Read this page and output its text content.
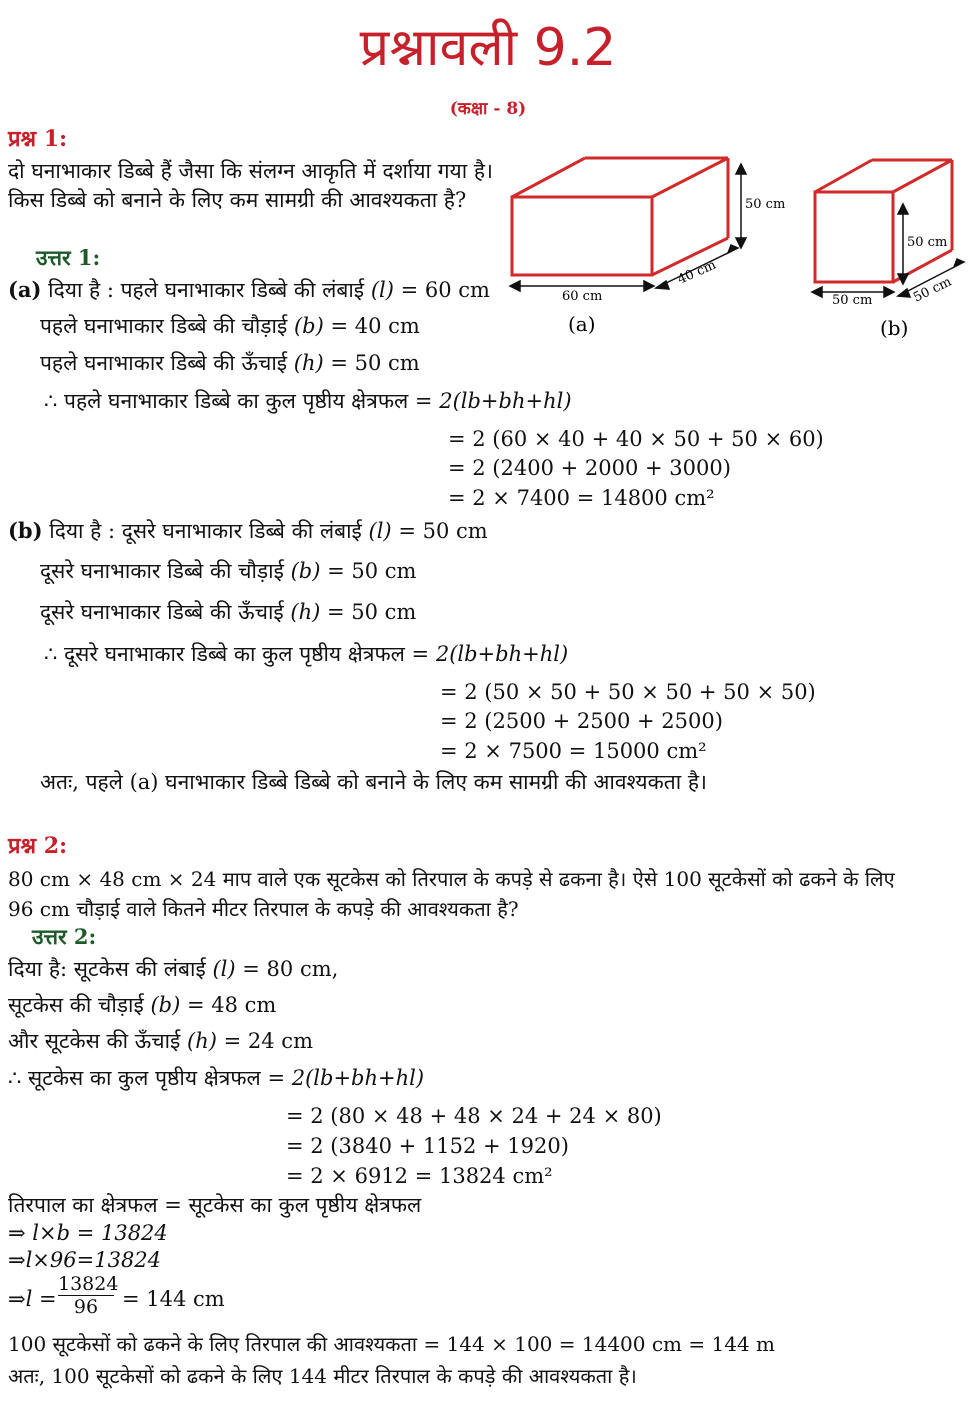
प्रश्नावली 9.2
(कक्षा - 8)
प्रश्न 1:
दो घनाभाकार डिब्बे हैं जैसा कि संलग्न आकृति में दर्शाया गया है। किस डिब्बे को बनाने के लिए कम सामग्री की आवश्यकता है?	50 cm
60 cm
40 cm
(a)
50 cm
50 cm	50 cm
(b)
उत्तर 1:
(a) दिया है : पहले घनाभाकार डिब्बे की लंबाई (l) = 60 cm
पहले घनाभाकार डिब्बे की चौड़ाई (b) = 40 cm
पहले घनाभाकार डिब्बे की ऊँचाई (h) = 50 cm
∴ पहले घनाभाकार डिब्बे का कुल पृष्ठीय क्षेत्रफल = 2(lb+bh+hl)
= 2 (60 × 40 + 40 × 50 + 50 × 60)
= 2 (2400 + 2000 + 3000)
= 2 × 7400 = 14800 cm²
(b) दिया है : दूसरे घनाभाकार डिब्बे की लंबाई (l) = 50 cm
दूसरे घनाभाकार डिब्बे की चौड़ाई (b) = 50 cm
दूसरे घनाभाकार डिब्बे की ऊँचाई (h) = 50 cm
∴ दूसरे घनाभाकार डिब्बे का कुल पृष्ठीय क्षेत्रफल = 2(lb+bh+hl)
= 2 (50 × 50 + 50 × 50 + 50 × 50)
= 2 (2500 + 2500 + 2500)
= 2 × 7500 = 15000 cm²
अतः, पहले (a) घनाभाकार डिब्बे डिब्बे को बनाने के लिए कम सामग्री की आवश्यकता है।
प्रश्न 2:
80 cm × 48 cm × 24 माप वाले एक सूटकेस को तिरपाल के कपड़े से ढकना है। ऐसे 100 सूटकेसों को ढकने के लिए
96 cm चौड़ाई वाले कितने मीटर तिरपाल के कपड़े की आवश्यकता है?
उत्तर 2:
दिया है: सूटकेस की लंबाई (l) = 80 cm,
सूटकेस की चौड़ाई (b) = 48 cm
और सूटकेस की ऊँचाई (h) = 24 cm
∴ सूटकेस का कुल पृष्ठीय क्षेत्रफल = 2(lb+bh+hl)
= 2 (80 × 48 + 48 × 24 + 24 × 80)
= 2 (3840 + 1152 + 1920)
= 2 × 6912 = 13824 cm²
तिरपाल का क्षेत्रफल = सूटकेस का कुल पृष्ठीय क्षेत्रफल
⇒ l×b = 13824
⇒l×96=13824
⇒l = $\frac{13824}{96} = 144$ cm
100 सूटकेसों को ढकने के लिए तिरपाल की आवश्यकता = 144 × 100 = 14400 cm = 144 m
अतः, 100 सूटकेसों को ढकने के लिए 144 मीटर तिरपाल के कपड़े की आवश्यकता है।
